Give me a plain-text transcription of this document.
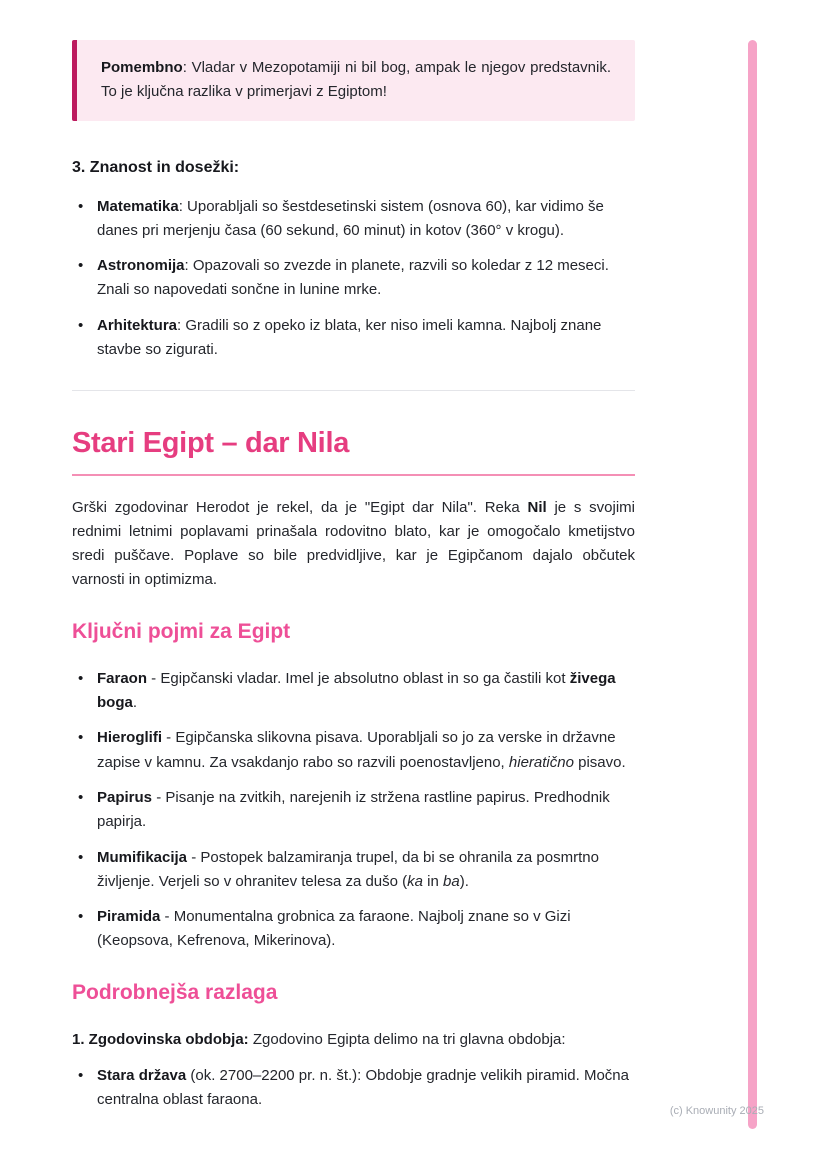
Pomembno: Vladar v Mezopotamiji ni bil bog, ampak le njegov predstavnik. To je ključna razlika v primerjavi z Egiptom!

3. Znanost in dosežki:
• Matematika: Uporabljali so šestdesetinski sistem (osnova 60), kar vidimo še danes pri merjenju časa (60 sekund, 60 minut) in kotov (360° v krogu).
• Astronomija: Opazovali so zvezde in planete, razvili so koledar z 12 meseci. Znali so napovedati sončne in lunine mrke.
• Arhitektura: Gradili so z opeko iz blata, ker niso imeli kamna. Najbolj znane stavbe so zigurati.
Stari Egipt – dar Nila

Grški zgodovinar Herodot je rekel, da je "Egipt dar Nila". Reka Nil je s svojimi rednimi letnimi poplavami prinašala rodovitno blato, kar je omogočalo kmetijstvo sredi puščave. Poplave so bile predvidljive, kar je Egipčanom dajalo občutek varnosti in optimizma.

Ključni pojmi za Egipt
• Faraon - Egipčanski vladar. Imel je absolutno oblast in so ga častili kot živega boga.
• Hieroglifi - Egipčanska slikovna pisava. Uporabljali so jo za verske in državne zapise v kamnu. Za vsakdanjo rabo so razvili poenostavljeno, hieratično pisavo.
• Papirus - Pisanje na zvitkih, narejenih iz stržena rastline papirus. Predhodnik papirja.
• Mumifikacija - Postopek balzamiranja trupel, da bi se ohranila za posmrtno življenje. Verjeli so v ohranitev telesa za dušo (ka in ba).
• Piramida - Monumentalna grobnica za faraone. Najbolj znane so v Gizi (Keopsova, Kefrenova, Mikerinova).
Podrobnejša razlaga

1. Zgodovinska obdobja: Zgodovino Egipta delimo na tri glavna obdobja:

• Stara država (ok. 2700–2200 pr. n. št.): Obdobje gradnje velikih piramid. Močna centralna oblast faraona.
(c) Knowunity 2025
